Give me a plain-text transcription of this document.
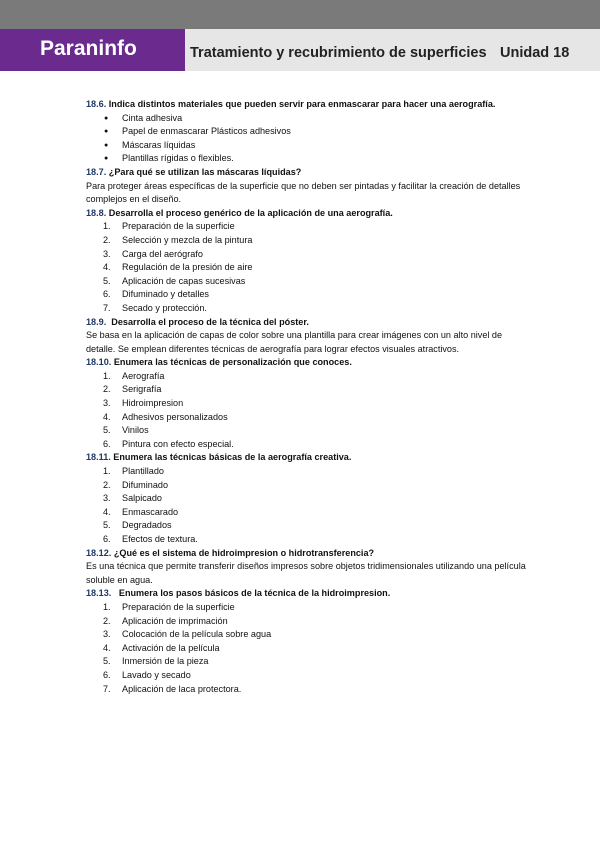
Paraninfo	Tratamiento y recubrimiento de superficies Unidad 18
18.6. Indica distintos materiales que pueden servir para enmascarar para hacer una aerografía.
● Cinta adhesiva
● Papel de enmascarar Plásticos adhesivos
● Máscaras líquidas
● Plantillas rígidas o flexibles.
18.7. ¿Para qué se utilizan las máscaras líquidas?

Para proteger áreas específicas de la superficie que no deben ser pintadas y facilitar la creación de detalles complejos en el diseño.

18.8. Desarrolla el proceso genérico de la aplicación de una aerografía.
1. Preparación de la superficie
2. Selección y mezcla de la pintura
3. Carga del aerógrafo
4. Regulación de la presión de aire
5. Aplicación de capas sucesivas
6. Difuminado y detalles
7. Secado y protección.
18.9.  Desarrolla el proceso de la técnica del póster.

Se basa en la aplicación de capas de color sobre una plantilla para crear imágenes con un alto nivel de detalle. Se emplean diferentes técnicas de aerografía para lograr efectos visuales atractivos.

18.10. Enumera las técnicas de personalización que conoces.
1. Aerografía
2. Serigrafía
3. Hidroimpresion
4. Adhesivos personalizados
5. Vinilos
6. Pintura con efecto especial.
18.11. Enumera las técnicas básicas de la aerografía creativa.
1. Plantillado
2. Difuminado
3. Salpicado
4. Enmascarado
5. Degradados
6. Efectos de textura.
18.12. ¿Qué es el sistema de hidroimpresion o hidrotransferencia?

Es una técnica que permite transferir diseños impresos sobre objetos tridimensionales utilizando una película soluble en agua.

18.13.   Enumera los pasos básicos de la técnica de la hidroimpresion.
1. Preparación de la superficie
2. Aplicación de imprimación
3. Colocación de la película sobre agua
4. Activación de la película
5. Inmersión de la pieza
6. Lavado y secado
7. Aplicación de laca protectora.
